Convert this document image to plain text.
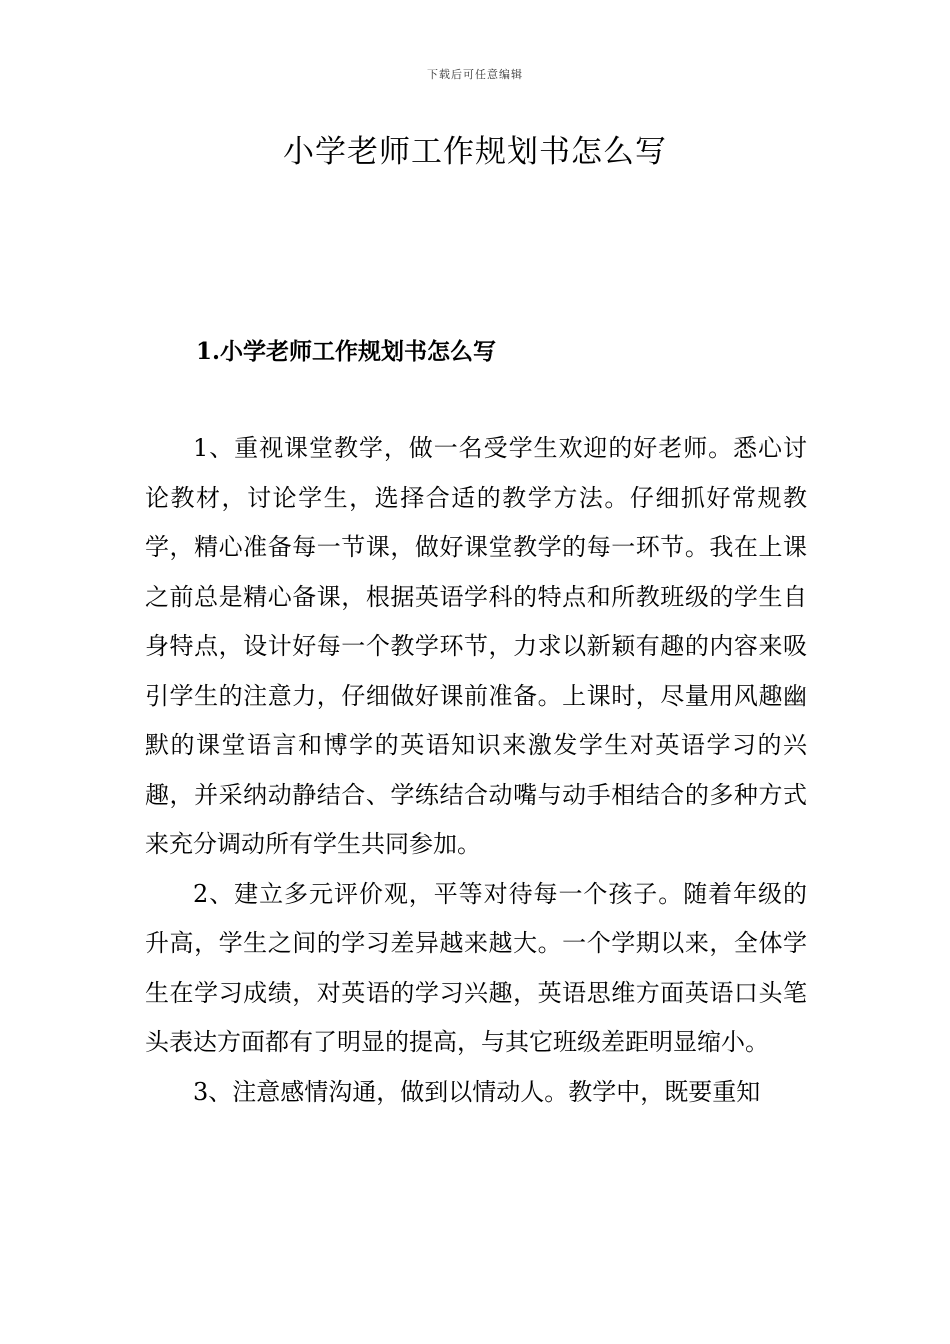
下载后可任意编辑
小学老师工作规划书怎么写
1.小学老师工作规划书怎么写

1、重视课堂教学，做一名受学生欢迎的好老师。悉心讨论教材，讨论学生，选择合适的教学方法。仔细抓好常规教学，精心准备每一节课，做好课堂教学的每一环节。我在上课之前总是精心备课，根据英语学科的特点和所教班级的学生自身特点，设计好每一个教学环节，力求以新颖有趣的内容来吸引学生的注意力，仔细做好课前准备。上课时，尽量用风趣幽默的课堂语言和博学的英语知识来激发学生对英语学习的兴趣，并采纳动静结合、学练结合动嘴与动手相结合的多种方式来充分调动所有学生共同参加。

2、建立多元评价观，平等对待每一个孩子。随着年级的升高，学生之间的学习差异越来越大。一个学期以来，全体学生在学习成绩，对英语的学习兴趣，英语思维方面英语口头笔头表达方面都有了明显的提高，与其它班级差距明显缩小。

3、注意感情沟通，做到以情动人。教学中，既要重知
